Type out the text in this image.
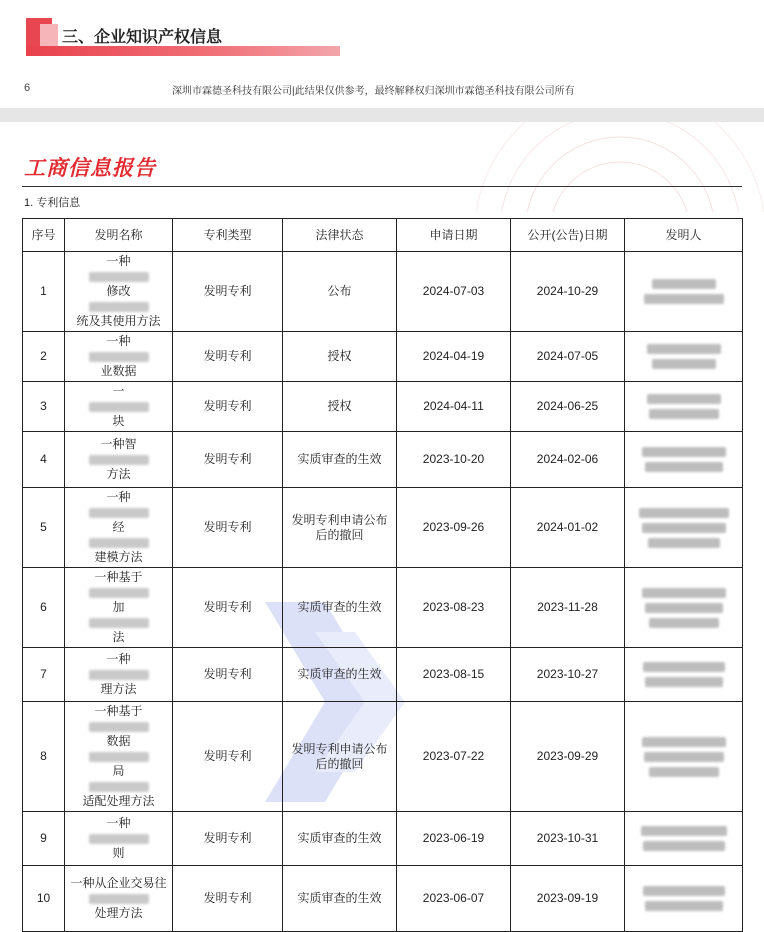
三、企业知识产权信息
6	深圳市霖德圣科技有限公司|此结果仅供参考，最终解释权归深圳市霖德圣科技有限公司所有
工商信息报告
1. 专利信息
序号	发明名称	专利类型	法律状态	申请日期	公开(公告)日期	发明人
1	一种
修改
统及其使用方法	发明专利	公布	2024-07-03	2024-10-29	

2	一种
业数据	发明专利	授权	2024-04-19	2024-07-05	

3	一
块	发明专利	授权	2024-04-11	2024-06-25	

4	一种智
方法	发明专利	实质审查的生效	2023-10-20	2024-02-06	

5	一种
经
建模方法	发明专利	发明专利申请公布后的撤回	2023-09-26	2024-01-02	

6	一种基于
加
法	发明专利	实质审查的生效	2023-08-23	2023-11-28	

7	一种
理方法	发明专利	实质审查的生效	2023-08-15	2023-10-27	

8	一种基于
数据
局
适配处理方法	发明专利	发明专利申请公布后的撤回	2023-07-22	2023-09-29	

9	一种
则	发明专利	实质审查的生效	2023-06-19	2023-10-31	

10	一种从企业交易往
处理方法	发明专利	实质审查的生效	2023-06-07	2023-09-19	
